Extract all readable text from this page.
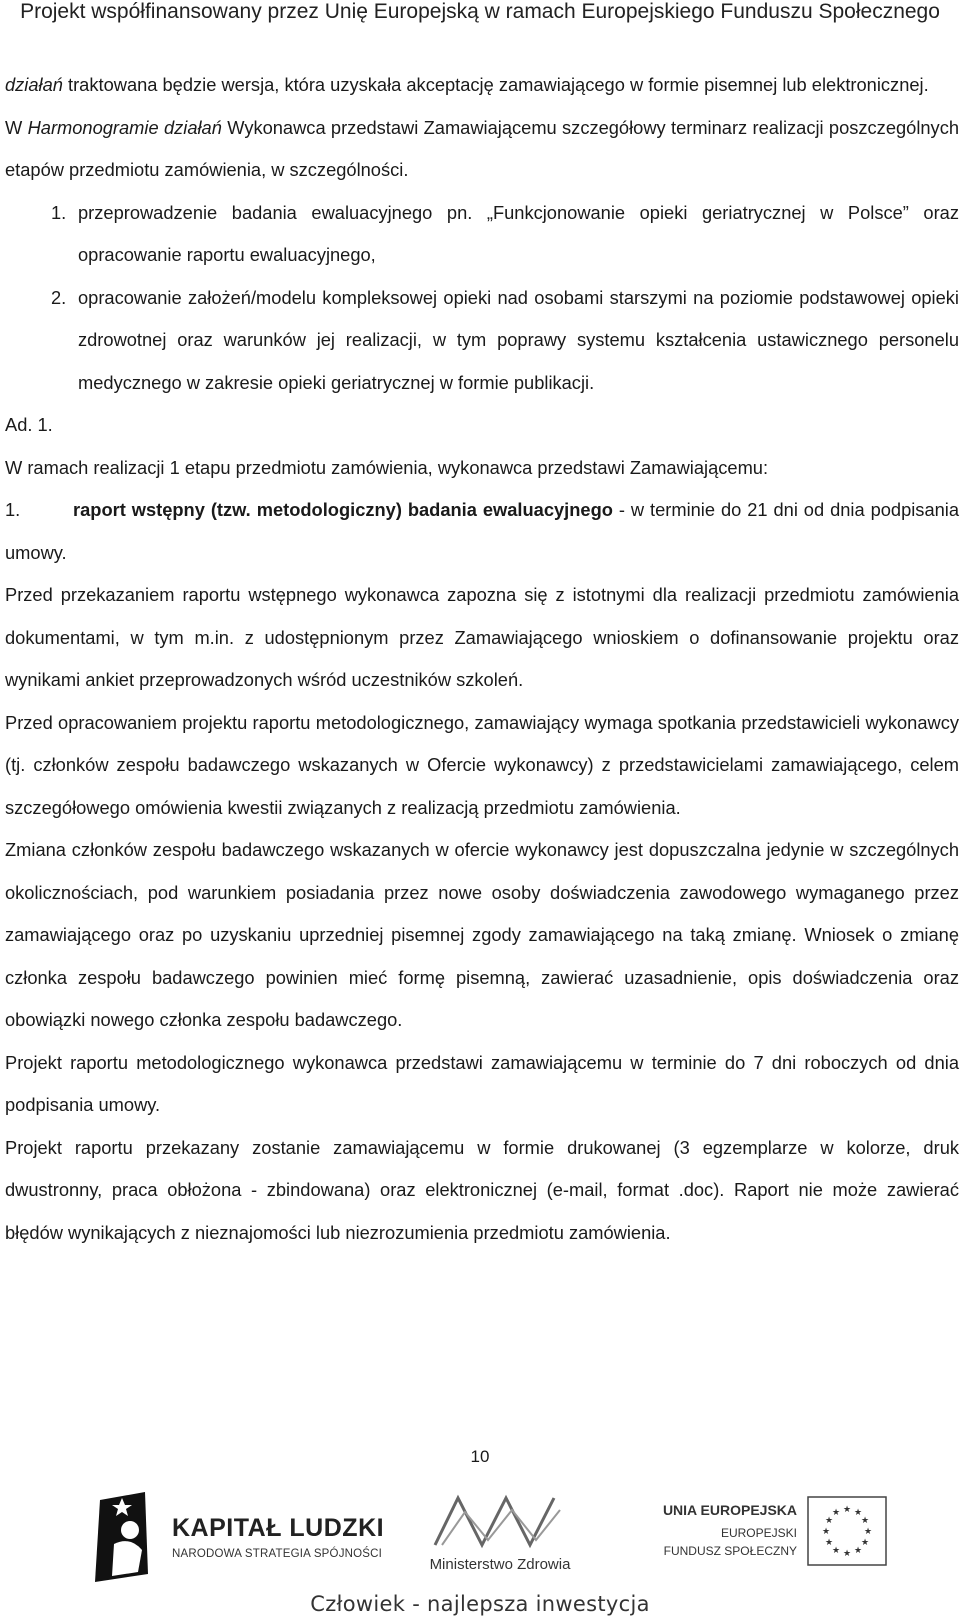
Projekt współfinansowany przez Unię Europejską w ramach Europejskiego Funduszu Społecznego

działań traktowana będzie wersja, która uzyskała akceptację zamawiającego w formie pisemnej lub elektronicznej.

W Harmonogramie działań Wykonawca przedstawi Zamawiającemu szczegółowy terminarz realizacji poszczególnych etapów przedmiotu zamówienia, w szczególności.

1. przeprowadzenie badania ewaluacyjnego pn. „Funkcjonowanie opieki geriatrycznej w Polsce” oraz opracowanie raportu ewaluacyjnego,
2. opracowanie założeń/modelu kompleksowej opieki nad osobami starszymi na poziomie podstawowej opieki zdrowotnej oraz warunków jej realizacji, w tym poprawy systemu kształcenia ustawicznego personelu medycznego w zakresie opieki geriatrycznej w formie publikacji.

Ad. 1.

W ramach realizacji 1 etapu przedmiotu zamówienia, wykonawca przedstawi Zamawiającemu:

1.	raport wstępny (tzw. metodologiczny) badania ewaluacyjnego - w terminie do 21 dni od dnia podpisania umowy.

Przed przekazaniem raportu wstępnego wykonawca zapozna się z istotnymi dla realizacji przedmiotu zamówienia dokumentami, w tym m.in. z udostępnionym przez Zamawiającego wnioskiem o dofinansowanie projektu oraz wynikami ankiet przeprowadzonych wśród uczestników szkoleń.

Przed opracowaniem projektu raportu metodologicznego, zamawiający wymaga spotkania przedstawicieli wykonawcy (tj. członków zespołu badawczego wskazanych w Ofercie wykonawcy) z przedstawicielami zamawiającego, celem szczegółowego omówienia kwestii związanych z realizacją przedmiotu zamówienia.

Zmiana członków zespołu badawczego wskazanych w ofercie wykonawcy jest dopuszczalna jedynie w szczególnych okolicznościach, pod warunkiem posiadania przez nowe osoby doświadczenia zawodowego wymaganego przez zamawiającego oraz po uzyskaniu uprzedniej pisemnej zgody zamawiającego na taką zmianę. Wniosek o zmianę członka zespołu badawczego powinien mieć formę pisemną, zawierać uzasadnienie, opis doświadczenia oraz obowiązki nowego członka zespołu badawczego.

Projekt raportu metodologicznego wykonawca przedstawi zamawiającemu w terminie do 7 dni roboczych od dnia podpisania umowy.

Projekt raportu przekazany zostanie zamawiającemu w formie drukowanej (3 egzemplarze w kolorze, druk dwustronny, praca obłożona - zbindowana) oraz elektronicznej (e-mail, format .doc). Raport nie może zawierać błędów wynikających z nieznajomości lub niezrozumienia przedmiotu zamówienia.

10
KAPITAŁ LUDZKI
NARODOWA STRATEGIA SPÓJNOŚCI
Ministerstwo Zdrowia
UNIA EUROPEJSKA
EUROPEJSKI
FUNDUSZ SPOŁECZNY
★ ★
★
★
★
★
★
★
★
★
★
★
Człowiek - najlepsza inwestycja
